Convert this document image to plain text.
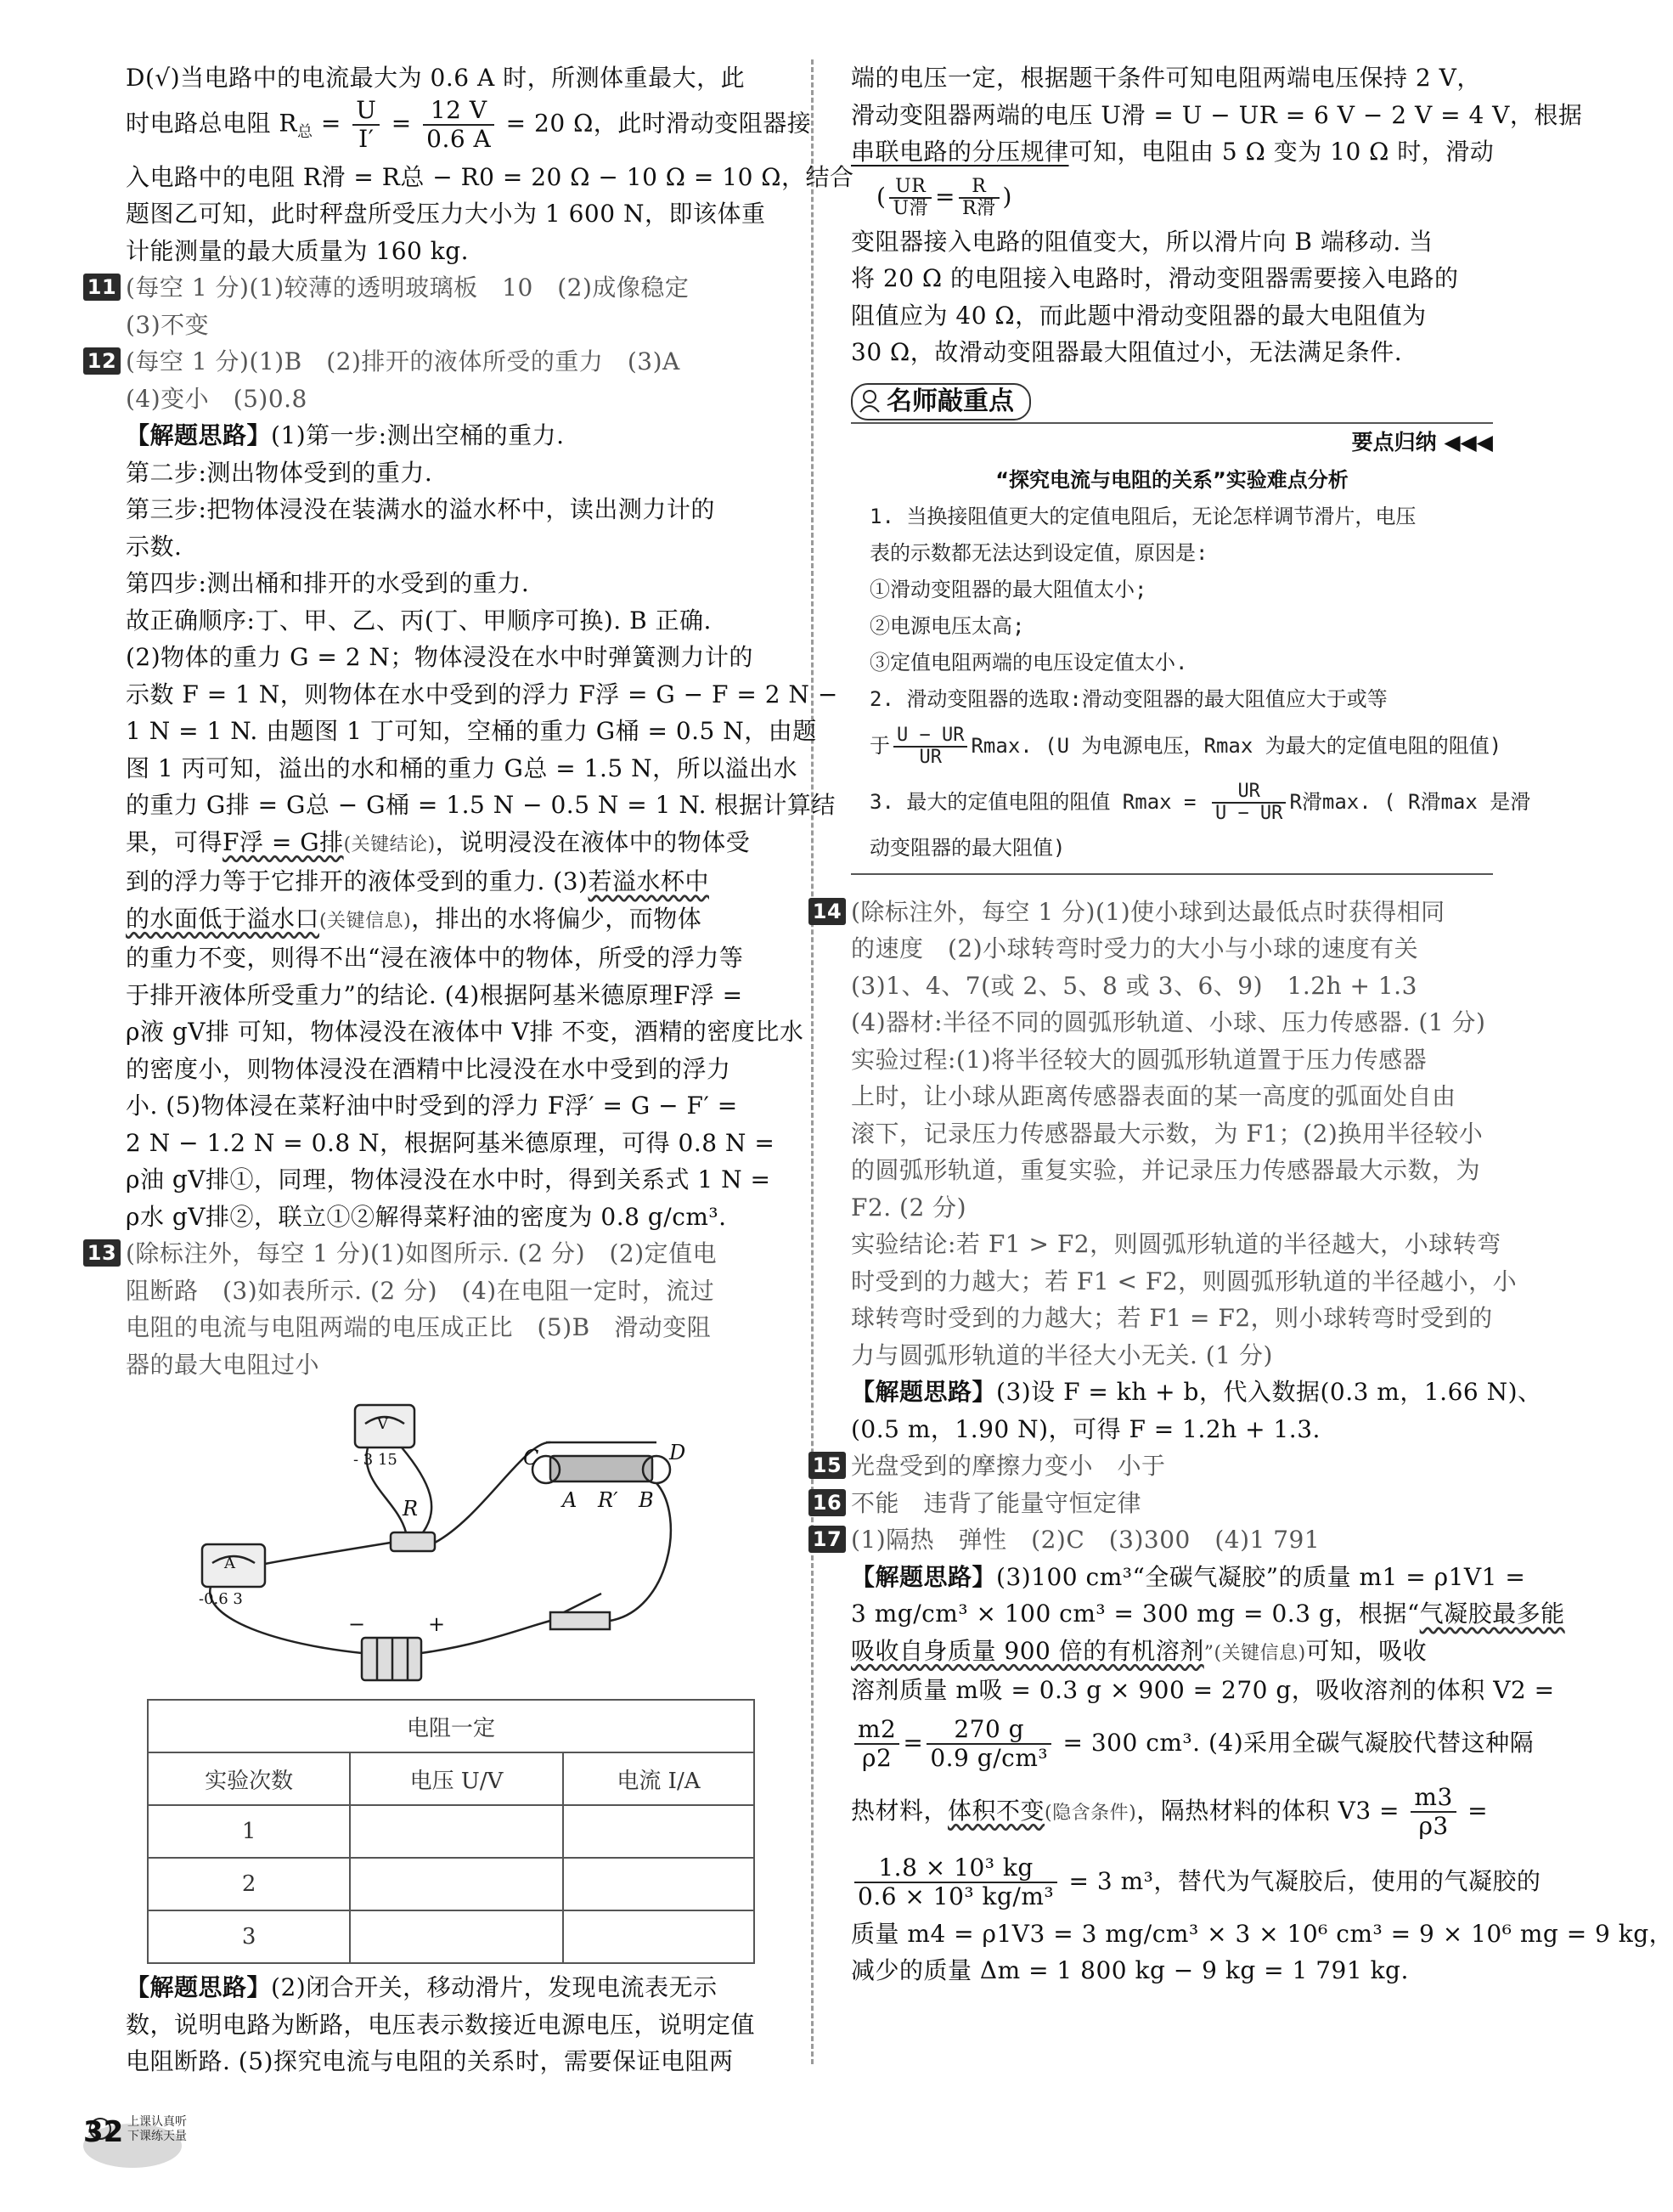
D(√)当电路中的电流最大为 0.6 A 时，所测体重最大，此
时电路总电阻 $R_总 = \frac{U}{I'} = \frac{12 V}{0.6 A} = 20$ Ω，此时滑动变阻器接
入电路中的电阻 R滑 = R总 − R0 = 20 Ω − 10 Ω = 10 Ω，结合
题图乙可知，此时秤盘所受压力大小为 1 600 N，即该体重
计能测量的最大质量为 160 kg.
11 (每空 1 分)(1)较薄的透明玻璃板　10　(2)成像稳定
(3)不变
12 (每空 1 分)(1)B　(2)排开的液体所受的重力　(3)A
(4)变小　(5)0.8
【解题思路】(1)第一步:测出空桶的重力.
第二步:测出物体受到的重力.
第三步:把物体浸没在装满水的溢水杯中，读出测力计的
示数.
第四步:测出桶和排开的水受到的重力.
故正确顺序:丁、甲、乙、丙(丁、甲顺序可换). B 正确.
(2)物体的重力 G = 2 N；物体浸没在水中时弹簧测力计的
示数 F = 1 N，则物体在水中受到的浮力 F浮 = G − F = 2 N −
1 N = 1 N. 由题图 1 丁可知，空桶的重力 G桶 = 0.5 N，由题
图 1 丙可知，溢出的水和桶的重力 G总 = 1.5 N，所以溢出水
的重力 G排 = G总 − G桶 = 1.5 N − 0.5 N = 1 N. 根据计算结
果，可得F浮 = G排(关键结论)，说明浸没在液体中的物体受
到的浮力等于它排开的液体受到的重力. (3)若溢水杯中
的水面低于溢水口(关键信息)，排出的水将偏少，而物体
的重力不变，则得不出“浸在液体中的物体，所受的浮力等
于排开液体所受重力”的结论. (4)根据阿基米德原理F浮 =
ρ液 gV排 可知，物体浸没在液体中 V排 不变，酒精的密度比水
的密度小，则物体浸没在酒精中比浸没在水中受到的浮力
小. (5)物体浸在菜籽油中时受到的浮力 F浮′ = G − F′ =
2 N − 1.2 N = 0.8 N，根据阿基米德原理，可得 0.8 N =
ρ油 gV排①，同理，物体浸没在水中时，得到关系式 1 N =
ρ水 gV排②，联立①②解得菜籽油的密度为 0.8 g/cm³.
13 (除标注外，每空 1 分)(1)如图所示. (2 分)　(2)定值电
阻断路　(3)如表所示. (2 分)　(4)在电阻一定时，流过
电阻的电流与电阻两端的电压成正比　(5)B　滑动变阻
器的最大电阻过小
V
- 3 15
A
-0.6 3
R
C	D
A R′ B
−	+
电阻一定		
实验次数	电压 U/V	电流 I/A
1		
2		
3		
【解题思路】(2)闭合开关，移动滑片，发现电流表无示
数，说明电路为断路，电压表示数接近电源电压，说明定值
电阻断路. (5)探究电流与电阻的关系时，需要保证电阻两
端的电压一定，根据题干条件可知电阻两端电压保持 2 V，
滑动变阻器两端的电压 U滑 = U − UR = 6 V − 2 V = 4 V，根据
串联电路的分压规律可知，电阻由 5 Ω 变为 10 Ω 时，滑动
( $\frac{UR}{\text{U滑}} = \frac{R}{\text{R滑}}$ )
变阻器接入电路的阻值变大，所以滑片向 B 端移动. 当
将 20 Ω 的电阻接入电路时，滑动变阻器需要接入电路的
阻值应为 40 Ω，而此题中滑动变阻器的最大电阻值为
30 Ω，故滑动变阻器最大阻值过小，无法满足条件.
名师敲重点
要点归纳 ◀◀◀
“探究电流与电阻的关系”实验难点分析
1. 当换接阻值更大的定值电阻后，无论怎样调节滑片，电压
表的示数都无法达到设定值，原因是:
①滑动变阻器的最大阻值太小;
②电源电压太高;
③定值电阻两端的电压设定值太小.
2. 滑动变阻器的选取:滑动变阻器的最大阻值应大于或等
于 $\frac{U - UR}{UR} Rmax$. (U 为电源电压，Rmax 为最大的定值电阻的阻值)
3. 最大的定值电阻的阻值 $Rmax = \frac{UR}{U - UR}$ R滑max. ( R滑max 是滑
动变阻器的最大阻值)
14 (除标注外，每空 1 分)(1)使小球到达最低点时获得相同
的速度　(2)小球转弯时受力的大小与小球的速度有关
(3)1、4、7(或 2、5、8 或 3、6、9)　1.2h + 1.3
(4)器材:半径不同的圆弧形轨道、小球、压力传感器. (1 分)
实验过程:(1)将半径较大的圆弧形轨道置于压力传感器
上时，让小球从距离传感器表面的某一高度的弧面处自由
滚下，记录压力传感器最大示数，为 F1；(2)换用半径较小
的圆弧形轨道，重复实验，并记录压力传感器最大示数，为
F2. (2 分)
实验结论:若 F1 > F2，则圆弧形轨道的半径越大，小球转弯
时受到的力越大；若 F1 < F2，则圆弧形轨道的半径越小，小
球转弯时受到的力越大；若 F1 = F2，则小球转弯时受到的
力与圆弧形轨道的半径大小无关. (1 分)
【解题思路】(3)设 F = kh + b，代入数据(0.3 m，1.66 N)、
(0.5 m，1.90 N)，可得 F = 1.2h + 1.3.
15 光盘受到的摩擦力变小　小于
16 不能　违背了能量守恒定律
17 (1)隔热　弹性　(2)C　(3)300　(4)1 791
【解题思路】(3)100 cm³“全碳气凝胶”的质量 m1 = ρ1V1 =
3 mg/cm³ × 100 cm³ = 300 mg = 0.3 g，根据“气凝胶最多能
吸收自身质量 900 倍的有机溶剂”(关键信息)可知，吸收
溶剂质量 m吸 = 0.3 g × 900 = 270 g，吸收溶剂的体积 V2 =
$\frac{m2}{\rho 2} = \frac{270 g}{\text{0.9 g/cm³}} = 300$ cm³. (4)采用全碳气凝胶代替这种隔
热材料，体积不变(隐含条件)，隔热材料的体积 $V3 = \frac{m3}{\rho 3}$ =
$\frac{\text{1.8 × 10³ kg}}{\text{0.6 × 10³ kg/m³}} = 3$ m³，替代为气凝胶后，使用的气凝胶的
质量 m4 = ρ1V3 = 3 mg/cm³ × 3 × 10⁶ cm³ = 9 × 10⁶ mg = 9 kg，
减少的质量 Δm = 1 800 kg − 9 kg = 1 791 kg.
32 上课认真听
下课练天量
